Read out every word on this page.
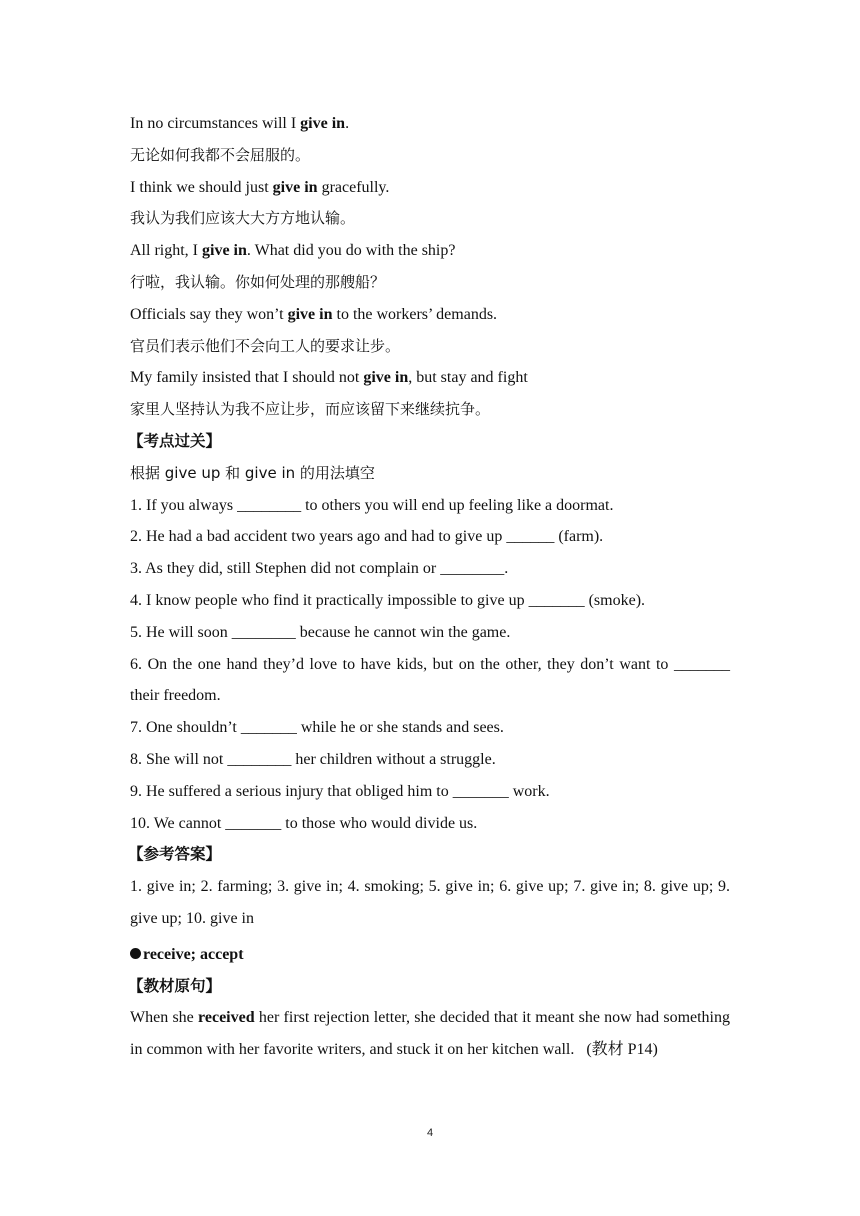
In no circumstances will I give in.
无论如何我都不会屈服的。
I think we should just give in gracefully.
我认为我们应该大大方方地认输。
All right, I give in. What did you do with the ship?
行啦，我认输。你如何处理的那艘船？
Officials say they won’t give in to the workers’ demands.
官员们表示他们不会向工人的要求让步。
My family insisted that I should not give in, but stay and fight
家里人坚持认为我不应让步，而应该留下来继续抗争。
【考点过关】
根据 give up 和 give in 的用法填空
1. If you always ________ to others you will end up feeling like a doormat.
2. He had a bad accident two years ago and had to give up ______ (farm).
3. As they did, still Stephen did not complain or ________.
4. I know people who find it practically impossible to give up _______ (smoke).
5. He will soon ________ because he cannot win the game.
6. On the one hand they’d love to have kids, but on the other, they don’t want to _______ their freedom.
7. One shouldn’t _______ while he or she stands and sees.
8. She will not ________ her children without a struggle.
9. He suffered a serious injury that obliged him to _______ work.
10. We cannot _______ to those who would divide us.
【参考答案】
1. give in; 2. farming; 3. give in; 4. smoking; 5. give in; 6. give up; 7. give in; 8. give up; 9. give up; 10. give in
receive; accept
【教材原句】
When she received her first rejection letter, she decided that it meant she now had something in common with her favorite writers, and stuck it on her kitchen wall.   (教材 P14)
4
